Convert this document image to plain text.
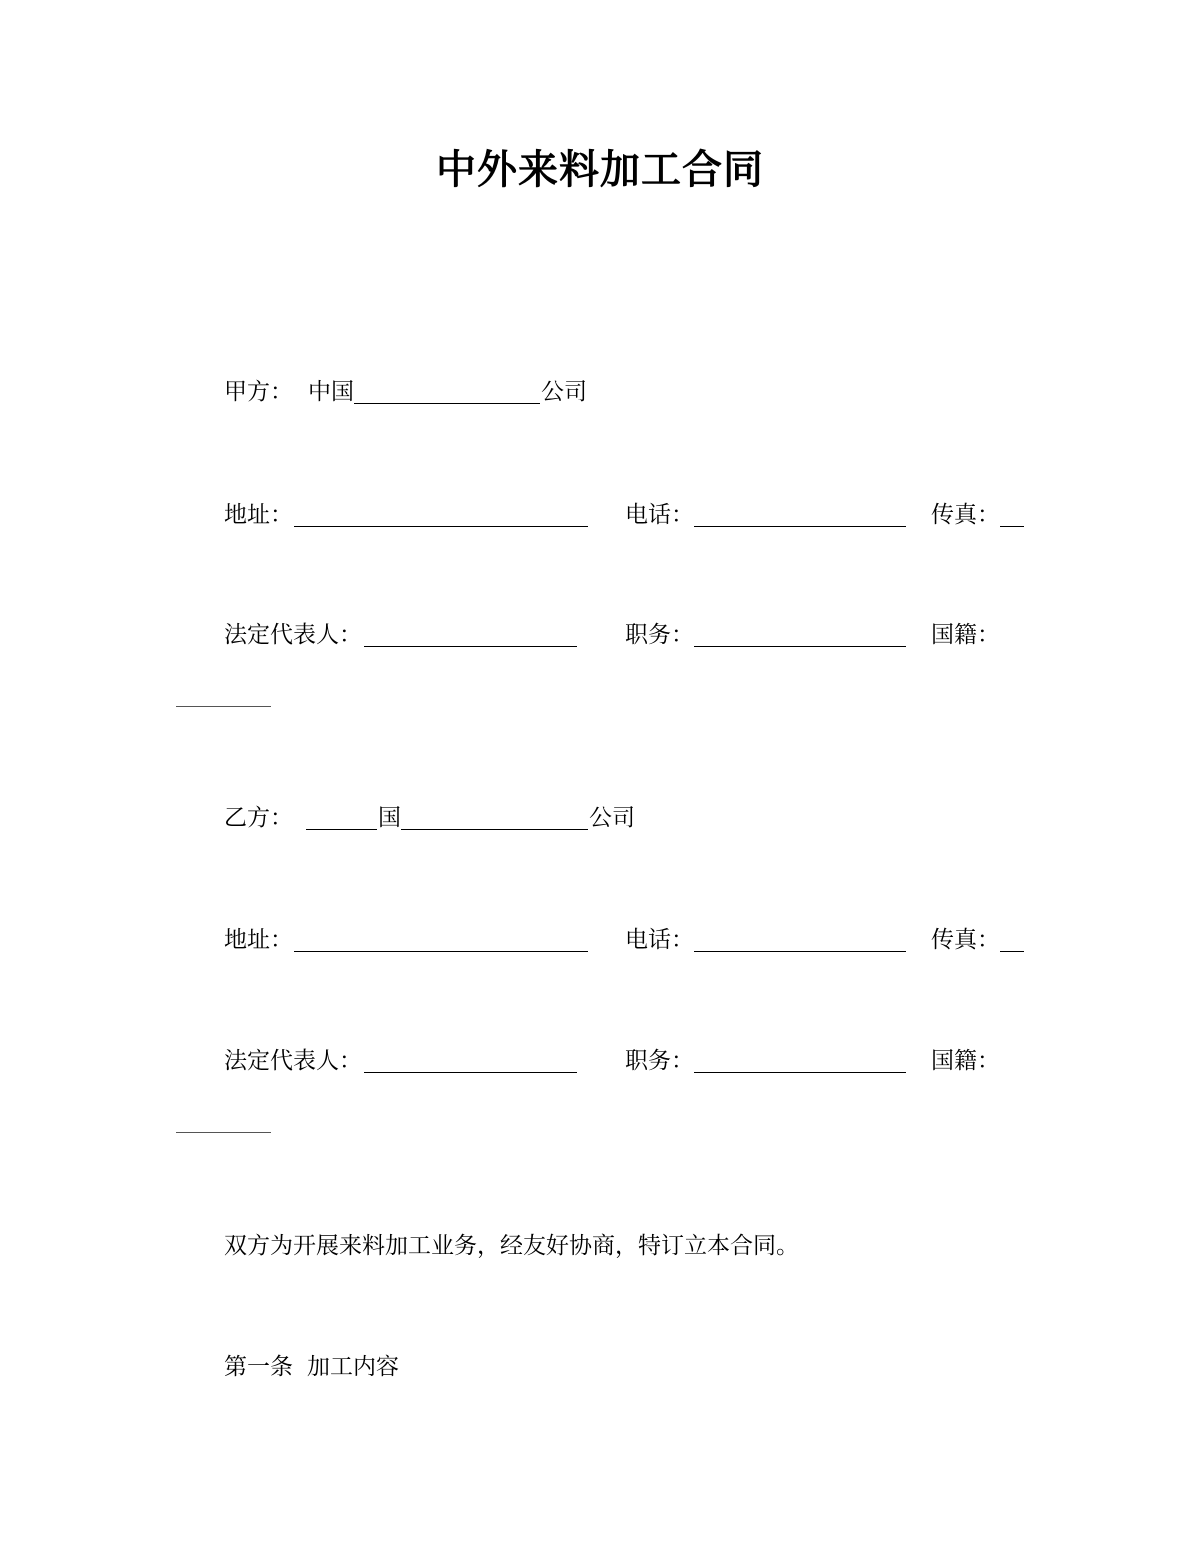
中外来料加工合同
甲方： 中国	公司
地址：	电话：	传真：
法定代表人：	职务：	国籍：
乙方：	国	公司
地址：	电话：	传真：
法定代表人：	职务：	国籍：
双方为开展来料加工业务，经友好协商，特订立本合同。
第一条 加工内容
